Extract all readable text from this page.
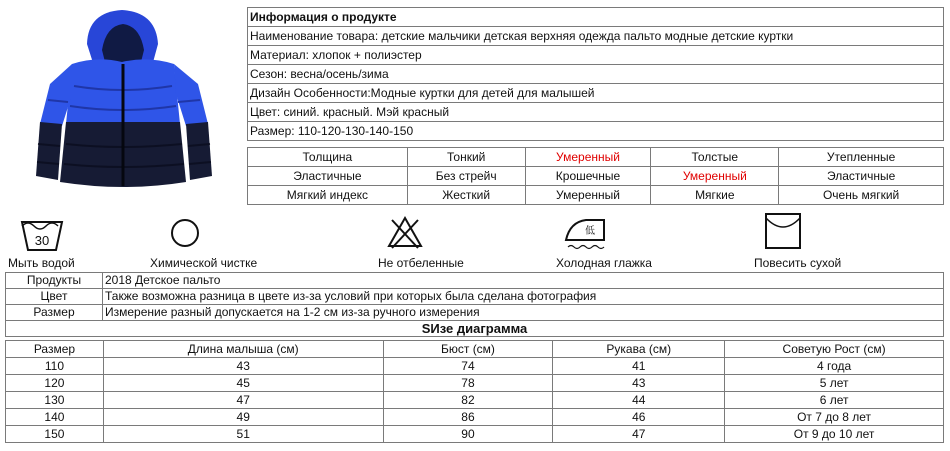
Информация о продукте
Наименование товара: детские мальчики детская верхняя одежда пальто модные детские куртки
Материал: хлопок + полиэстер
Сезон: весна/осень/зима
Дизайн Особенности:Модные куртки для детей для малышей
Цвет: синий. красный. Мэй красный
Размер: 110-120-130-140-150
Толщина	Тонкий	Умеренный	Толстые	Утепленные
Эластичные	Без стрейч	Крошечные	Умеренный	Эластичные
Мягкий индекс	Жесткий	Умеренный	Мягкие	Очень мягкий
30
Мыть водой	Химической чистке	Не отбеленные
低
Холодная глажка	Повесить сухой
Продукты	2018 Детское пальто
Цвет	Также возможна разница в цвете из-за условий при которых была сделана фотография
Размер	Измерение разный допускается на 1-2 см из-за ручного измерения
SИзе диаграмма	
Размер	Длина малыша (см)	Бюст (см)	Рукава (см)	Советую Рост (см)
110	43	74	41	4 года
120	45	78	43	5 лет
130	47	82	44	6 лет
140	49	86	46	От 7 до 8 лет
150	51	90	47	От 9 до 10 лет
